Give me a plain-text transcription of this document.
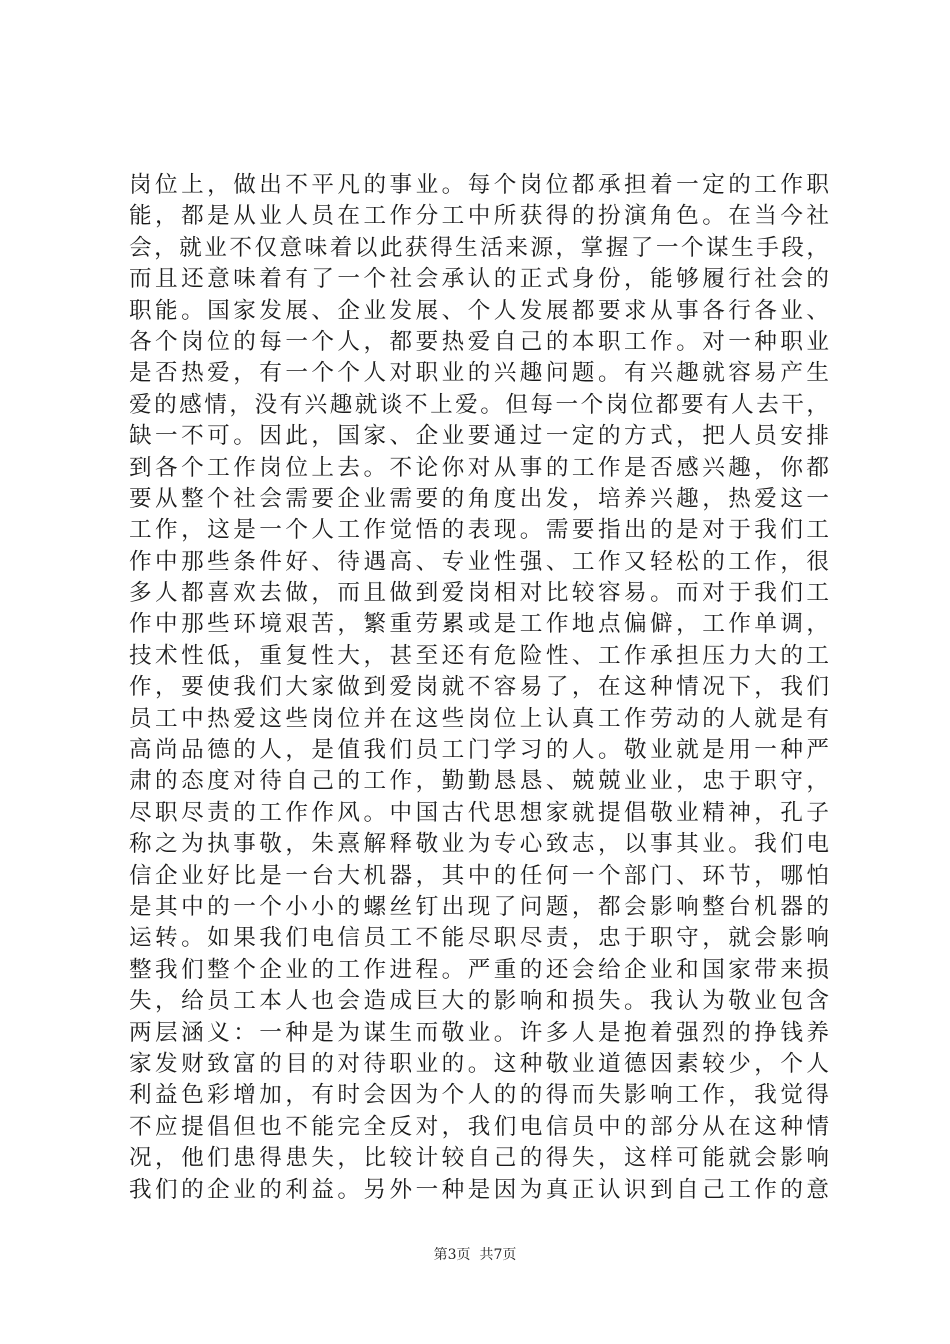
岗位上，做出不平凡的事业。每个岗位都承担着一定的工作职
能，都是从业人员在工作分工中所获得的扮演角色。在当今社
会，就业不仅意味着以此获得生活来源，掌握了一个谋生手段，
而且还意味着有了一个社会承认的正式身份，能够履行社会的
职能。国家发展、企业发展、个人发展都要求从事各行各业、
各个岗位的每一个人，都要热爱自己的本职工作。对一种职业
是否热爱，有一个个人对职业的兴趣问题。有兴趣就容易产生
爱的感情，没有兴趣就谈不上爱。但每一个岗位都要有人去干，
缺一不可。因此，国家、企业要通过一定的方式，把人员安排
到各个工作岗位上去。不论你对从事的工作是否感兴趣，你都
要从整个社会需要企业需要的角度出发，培养兴趣，热爱这一
工作，这是一个人工作觉悟的表现。需要指出的是对于我们工
作中那些条件好、待遇高、专业性强、工作又轻松的工作，很
多人都喜欢去做，而且做到爱岗相对比较容易。而对于我们工
作中那些环境艰苦，繁重劳累或是工作地点偏僻，工作单调，
技术性低，重复性大，甚至还有危险性、工作承担压力大的工
作，要使我们大家做到爱岗就不容易了，在这种情况下，我们
员工中热爱这些岗位并在这些岗位上认真工作劳动的人就是有
高尚品德的人，是值我们员工门学习的人。敬业就是用一种严
肃的态度对待自己的工作，勤勤恳恳、兢兢业业，忠于职守，
尽职尽责的工作作风。中国古代思想家就提倡敬业精神，孔子
称之为执事敬，朱熹解释敬业为专心致志，以事其业。我们电
信企业好比是一台大机器，其中的任何一个部门、环节，哪怕
是其中的一个小小的螺丝钉出现了问题，都会影响整台机器的
运转。如果我们电信员工不能尽职尽责，忠于职守，就会影响
整我们整个企业的工作进程。严重的还会给企业和国家带来损
失，给员工本人也会造成巨大的影响和损失。我认为敬业包含
两层涵义：一种是为谋生而敬业。许多人是抱着强烈的挣钱养
家发财致富的目的对待职业的。这种敬业道德因素较少，个人
利益色彩增加，有时会因为个人的的得而失影响工作，我觉得
不应提倡但也不能完全反对，我们电信员中的部分从在这种情
况，他们患得患失，比较计较自己的得失，这样可能就会影响
我们的企业的利益。另外一种是因为真正认识到自己工作的意
第3页  共7页
